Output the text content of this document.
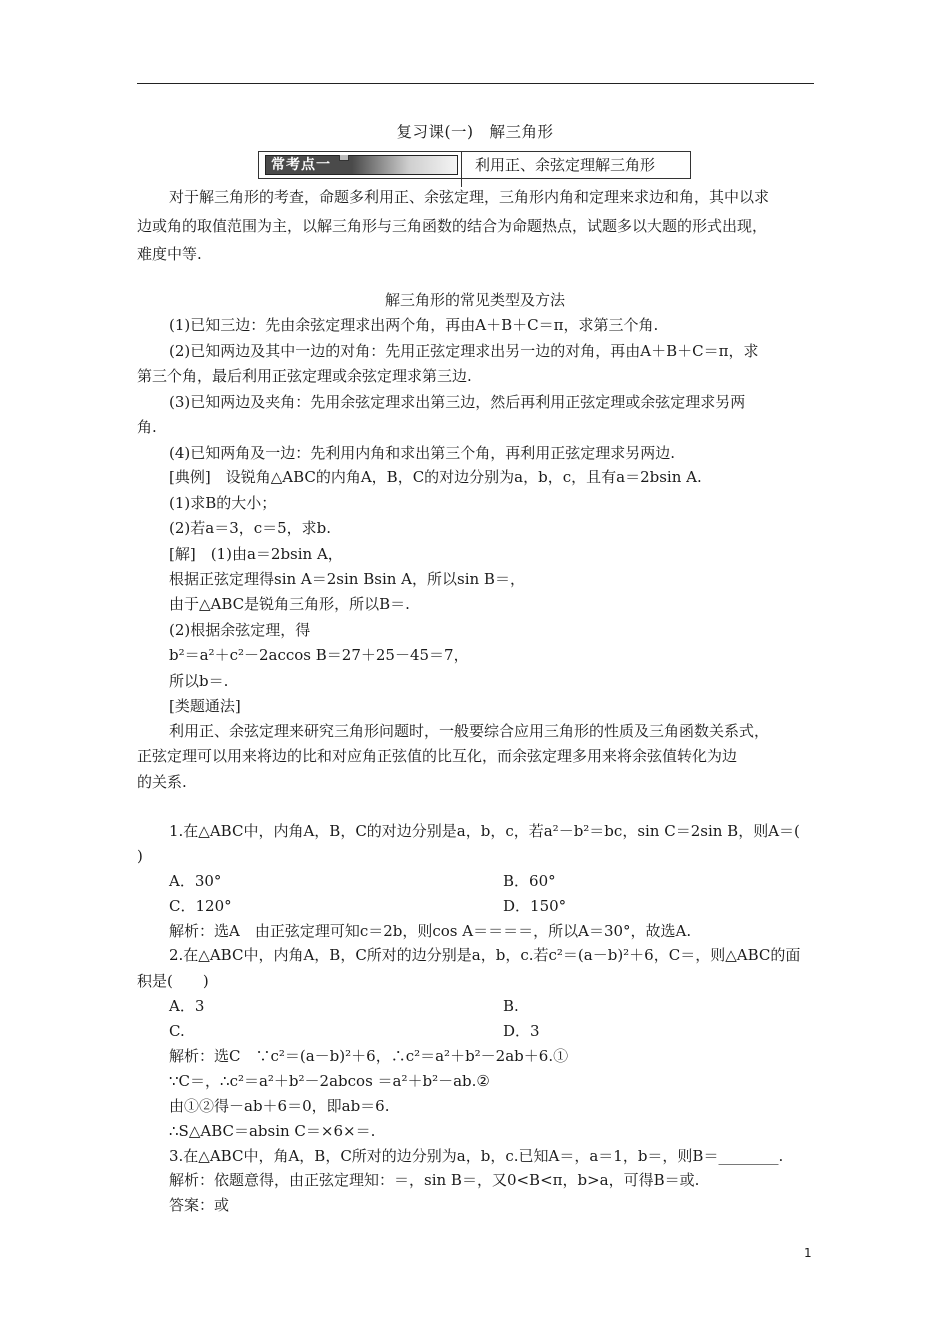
复习课(一)　解三角形
常考点一	利用正、余弦定理解三角形
对于解三角形的考查，命题多利用正、余弦定理，三角形内角和定理来求边和角，其中以求
边或角的取值范围为主，以解三角形与三角函数的结合为命题热点，试题多以大题的形式出现，
难度中等.
解三角形的常见类型及方法
(1)已知三边：先由余弦定理求出两个角，再由A＋B＋C＝π，求第三个角.
(2)已知两边及其中一边的对角：先用正弦定理求出另一边的对角，再由A＋B＋C＝π，求
第三个角，最后利用正弦定理或余弦定理求第三边.
(3)已知两边及夹角：先用余弦定理求出第三边，然后再利用正弦定理或余弦定理求另两
角.
(4)已知两角及一边：先利用内角和求出第三个角，再利用正弦定理求另两边.
[典例]　设锐角△ABC的内角A，B，C的对边分别为a，b，c，且有a＝2bsin A.
(1)求B的大小；
(2)若a＝3，c＝5，求b.
[解]　(1)由a＝2bsin A，
根据正弦定理得sin A＝2sin Bsin A，所以sin B＝，
由于△ABC是锐角三角形，所以B＝.
(2)根据余弦定理，得
b²＝a²＋c²－2accos B＝27＋25－45＝7，
所以b＝.
[类题通法]
利用正、余弦定理来研究三角形问题时，一般要综合应用三角形的性质及三角函数关系式，
正弦定理可以用来将边的比和对应角正弦值的比互化，而余弦定理多用来将余弦值转化为边
的关系.
1.在△ABC中，内角A，B，C的对边分别是a，b，c，若a²－b²＝bc，sin C＝2sin B，则A＝(
)
A．30°	B．60°
C．120°	D．150°
解析：选A　由正弦定理可知c＝2b，则cos A＝＝＝＝，所以A＝30°，故选A.
2.在△ABC中，内角A，B，C所对的边分别是a，b，c.若c²＝(a－b)²＋6，C＝，则△ABC的面
积是(　　)
A．3	B.
C.	D．3
解析：选C　∵c²＝(a－b)²＋6，∴c²＝a²＋b²－2ab＋6.①
∵C＝，∴c²＝a²＋b²－2abcos ＝a²＋b²－ab.②
由①②得－ab＋6＝0，即ab＝6.
∴S△ABC＝absin C＝×6×＝.
3.在△ABC中，角A，B，C所对的边分别为a，b，c.已知A＝，a＝1，b＝，则B＝________.
解析：依题意得，由正弦定理知：＝，sin B＝，又0<B<π，b>a，可得B＝或.
答案：或
1
